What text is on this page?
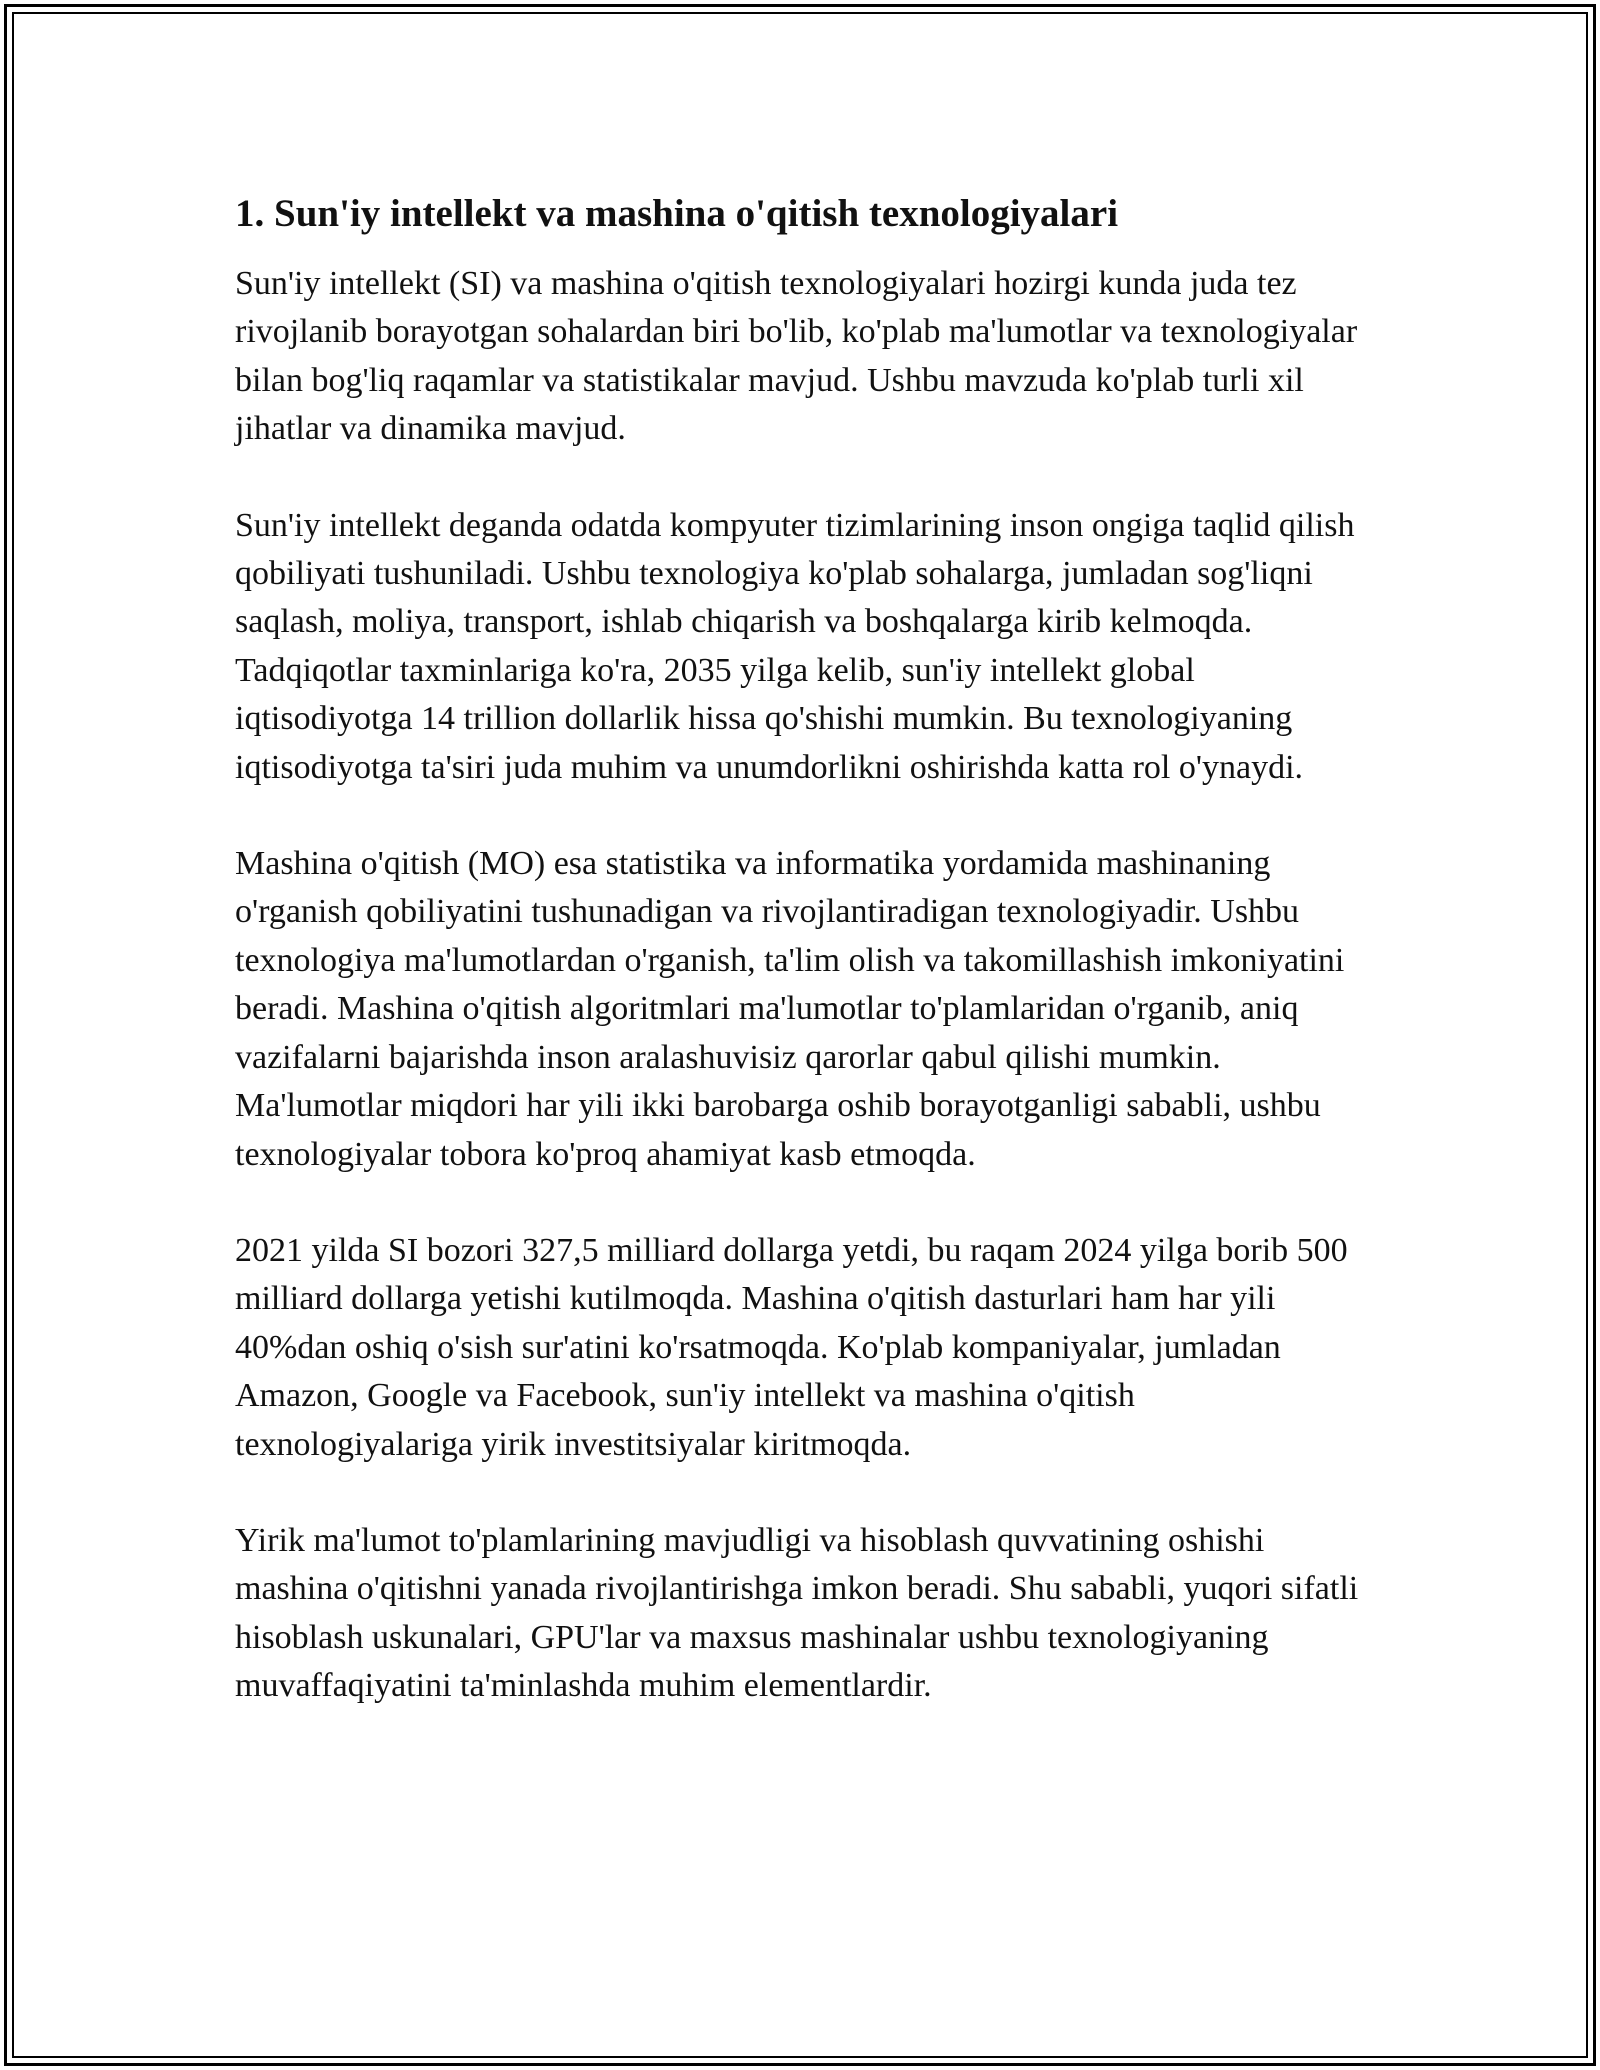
1. Sun'iy intellekt va mashina o'qitish texnologiyalari

Sun'iy intellekt (SI) va mashina o'qitish texnologiyalari hozirgi kunda juda tez rivojlanib borayotgan sohalardan biri bo'lib, ko'plab ma'lumotlar va texnologiyalar bilan bog'liq raqamlar va statistikalar mavjud. Ushbu mavzuda ko'plab turli xil jihatlar va dinamika mavjud.

Sun'iy intellekt deganda odatda kompyuter tizimlarining inson ongiga taqlid qilish qobiliyati tushuniladi. Ushbu texnologiya ko'plab sohalarga, jumladan sog'liqni saqlash, moliya, transport, ishlab chiqarish va boshqalarga kirib kelmoqda. Tadqiqotlar taxminlariga ko'ra, 2035 yilga kelib, sun'iy intellekt global iqtisodiyotga 14 trillion dollarlik hissa qo'shishi mumkin. Bu texnologiyaning iqtisodiyotga ta'siri juda muhim va unumdorlikni oshirishda katta rol o'ynaydi.

Mashina o'qitish (MO) esa statistika va informatika yordamida mashinaning o'rganish qobiliyatini tushunadigan va rivojlantiradigan texnologiyadir. Ushbu texnologiya ma'lumotlardan o'rganish, ta'lim olish va takomillashish imkoniyatini beradi. Mashina o'qitish algoritmlari ma'lumotlar to'plamlaridan o'rganib, aniq vazifalarni bajarishda inson aralashuvisiz qarorlar qabul qilishi mumkin. Ma'lumotlar miqdori har yili ikki barobarga oshib borayotganligi sababli, ushbu texnologiyalar tobora ko'proq ahamiyat kasb etmoqda.

2021 yilda SI bozori 327,5 milliard dollarga yetdi, bu raqam 2024 yilga borib 500 milliard dollarga yetishi kutilmoqda. Mashina o'qitish dasturlari ham har yili 40%dan oshiq o'sish sur'atini ko'rsatmoqda. Ko'plab kompaniyalar, jumladan Amazon, Google va Facebook, sun'iy intellekt va mashina o'qitish texnologiyalariga yirik investitsiyalar kiritmoqda.

Yirik ma'lumot to'plamlarining mavjudligi va hisoblash quvvatining oshishi mashina o'qitishni yanada rivojlantirishga imkon beradi. Shu sababli, yuqori sifatli hisoblash uskunalari, GPU'lar va maxsus mashinalar ushbu texnologiyaning muvaffaqiyatini ta'minlashda muhim elementlardir.
